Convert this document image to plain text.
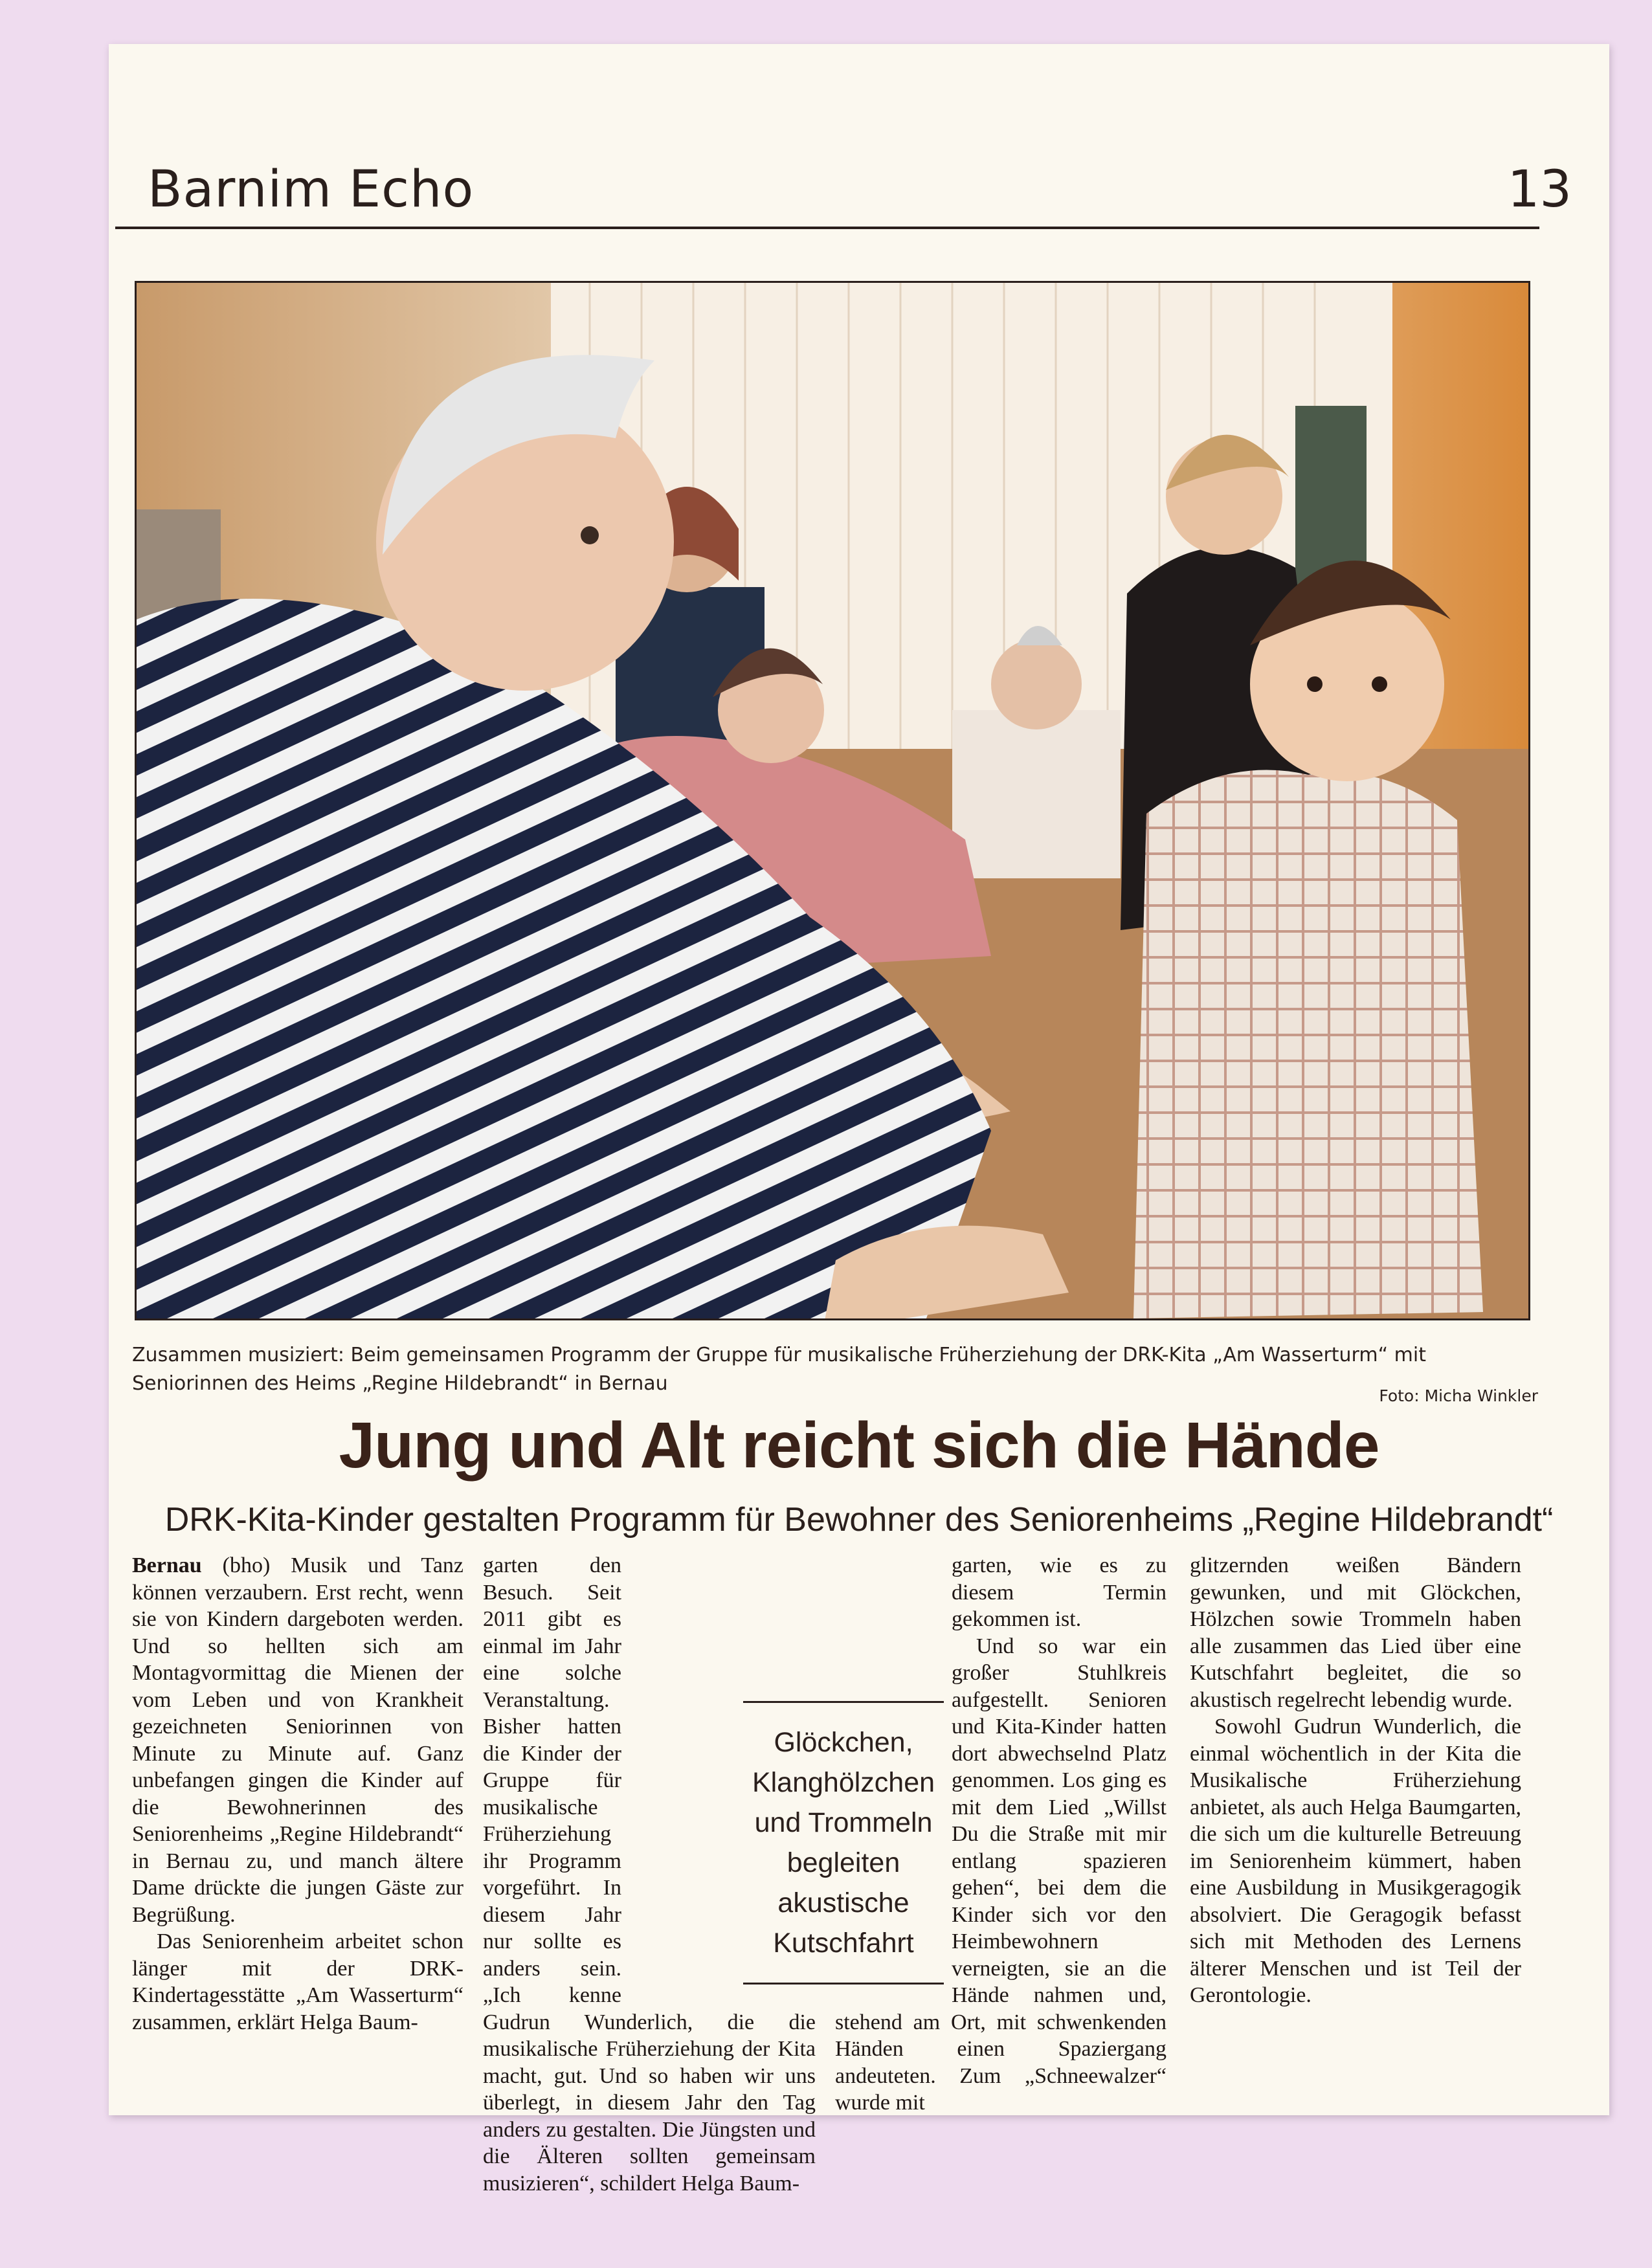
Barnim Echo	13
Zusammen musiziert: Beim gemeinsamen Programm der Gruppe für musikalische Früherziehung der DRK-Kita „Am Wasserturm“ mit Seniorinnen des Heims „Regine Hildebrandt“ in Bernau
Foto: Micha Winkler
Jung und Alt reicht sich die Hände
DRK-Kita-Kinder gestalten Programm für Bewohner des Seniorenheims „Regine Hildebrandt“

Bernau (bho) Musik und Tanz können verzaubern. Erst recht, wenn sie von Kindern dargeboten werden. Und so hellten sich am Montagvormittag die Mienen der vom Leben und von Krankheit gezeichneten Seniorinnen von Minute zu Minute auf. Ganz unbefangen gingen die Kinder auf die Bewohnerinnen des Seniorenheims „Regine Hildebrandt“ in Bernau zu, und manch ältere Dame drückte die jungen Gäste zur Begrüßung.

Das Seniorenheim arbeitet schon länger mit der DRK-Kindertagesstätte „Am Wasserturm“ zusammen, erklärt Helga Baum-

garten den Besuch. Seit 2011 gibt es einmal im Jahr eine solche Veranstaltung. Bisher hatten die Kinder der Gruppe für musikalische Früherziehung ihr Programm vorgeführt. In diesem Jahr nur sollte es anders sein. „Ich kenne Gudrun Wunderlich, die die musikalische Früherziehung der Kita macht, gut. Und so haben wir uns überlegt, in diesem Jahr den Tag anders zu gestalten. Die Jüngsten und die Älteren sollten gemeinsam musizieren“, schildert Helga Baum-

garten, wie es zu diesem Termin gekommen ist.

Und so war ein großer Stuhlkreis aufgestellt. Senioren und Kita-Kinder hatten dort abwechselnd Platz genommen. Los ging es mit dem Lied „Willst Du die Straße mit mir entlang spazieren gehen“, bei dem die Kinder sich vor den Heimbewohnern verneigten, sie an die Hände nahmen und, stehend am Ort, mit schwenkenden Händen einen Spaziergang andeuteten. Zum „Schneewalzer“ wurde mit

glitzernden weißen Bändern gewunken, und mit Glöckchen, Hölzchen sowie Trommeln haben alle zusammen das Lied über eine Kutschfahrt begleitet, die so akustisch regelrecht lebendig wurde.

Sowohl Gudrun Wunderlich, die einmal wöchentlich in der Kita die Musikalische Früherziehung anbietet, als auch Helga Baumgarten, die sich um die kulturelle Betreuung im Seniorenheim kümmert, haben eine Ausbildung in Musikgeragogik absolviert. Die Geragogik befasst sich mit Methoden des Lernens älterer Menschen und ist Teil der Gerontologie.

Glöckchen, Klanghölzchen und Trommeln begleiten akustische Kutschfahrt
